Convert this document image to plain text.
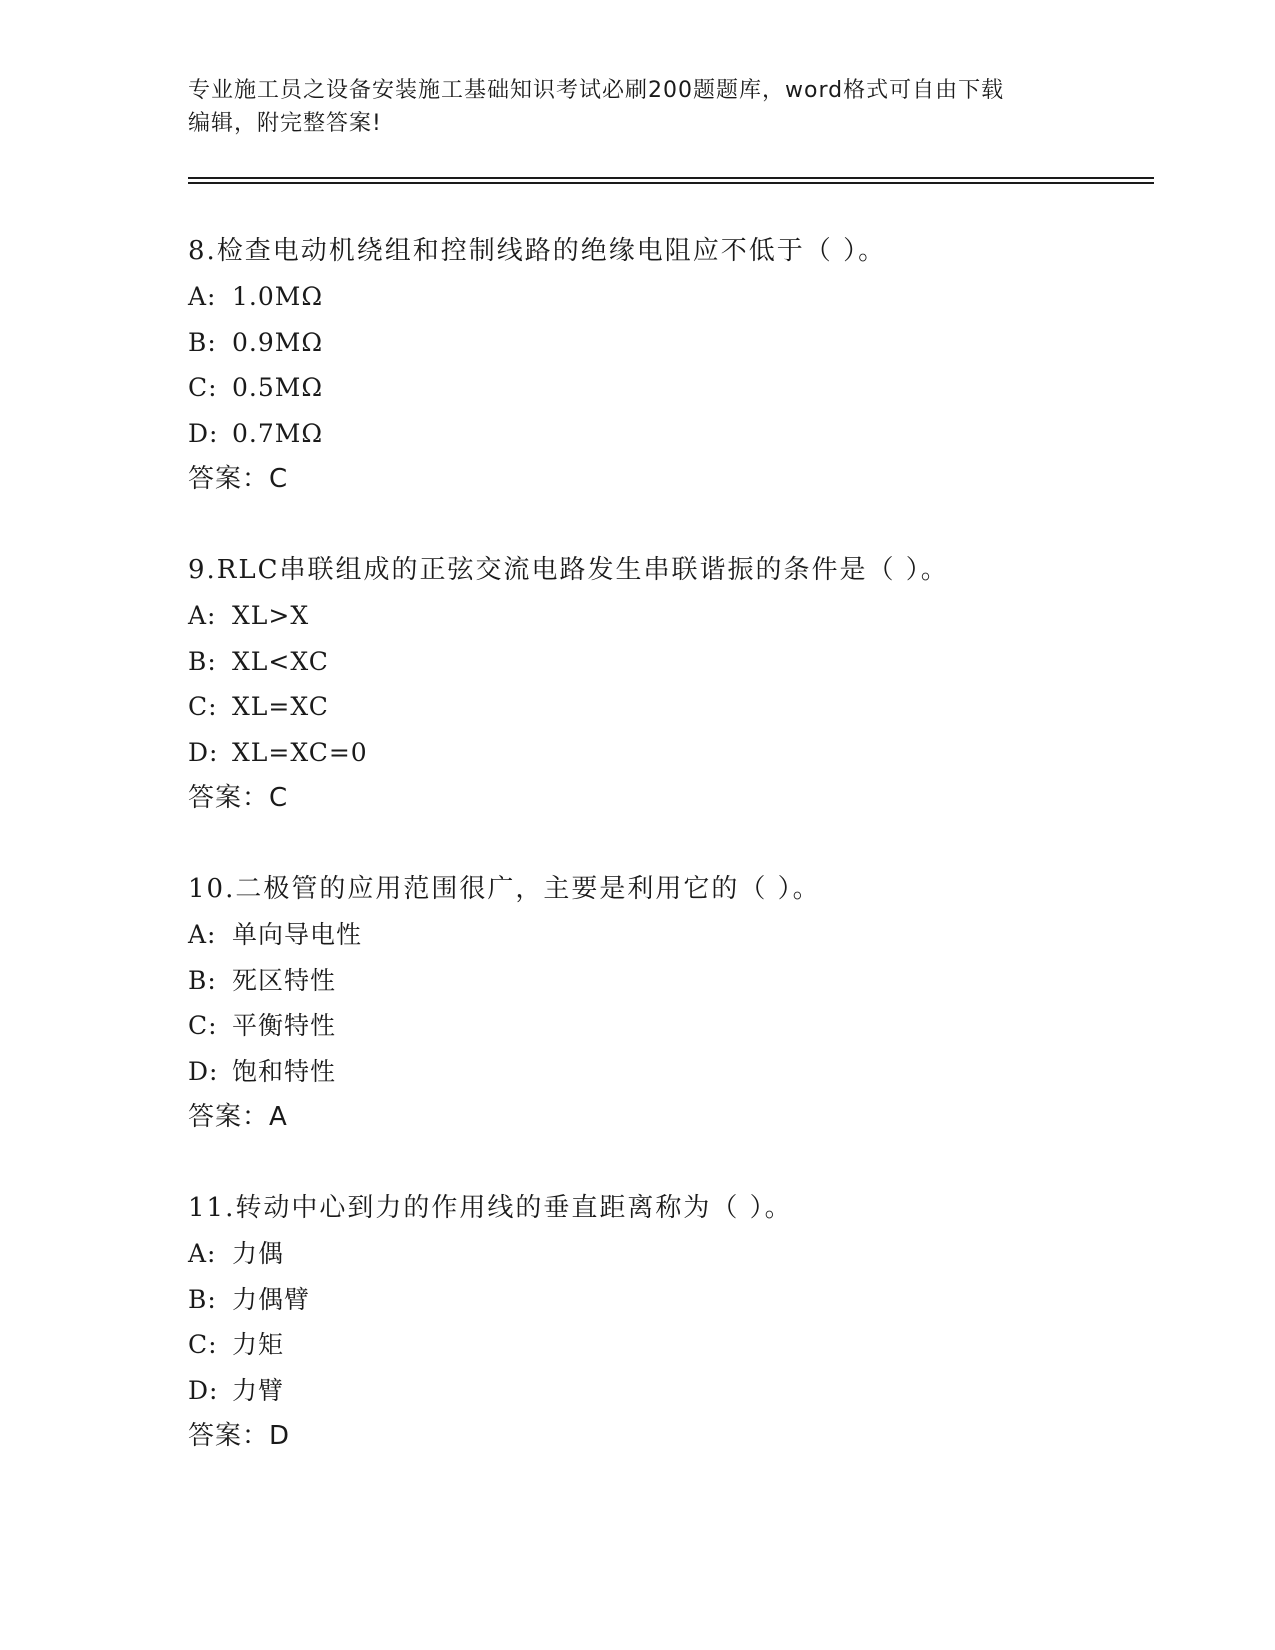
专业施工员之设备安装施工基础知识考试必刷200题题库，word格式可自由下载
编辑，附完整答案!
8.检查电动机绕组和控制线路的绝缘电阻应不低于（ ）。
A: 1.0MΩ
B: 0.9MΩ
C: 0.5MΩ
D: 0.7MΩ
答案：C
9.RLC串联组成的正弦交流电路发生串联谐振的条件是（ ）。
A: XL>X
B: XL<XC
C: XL=XC
D: XL=XC=0
答案：C
10.二极管的应用范围很广，主要是利用它的（ ）。
A: 单向导电性
B: 死区特性
C: 平衡特性
D: 饱和特性
答案：A
11.转动中心到力的作用线的垂直距离称为（ ）。
A: 力偶
B: 力偶臂
C: 力矩
D: 力臂
答案：D
